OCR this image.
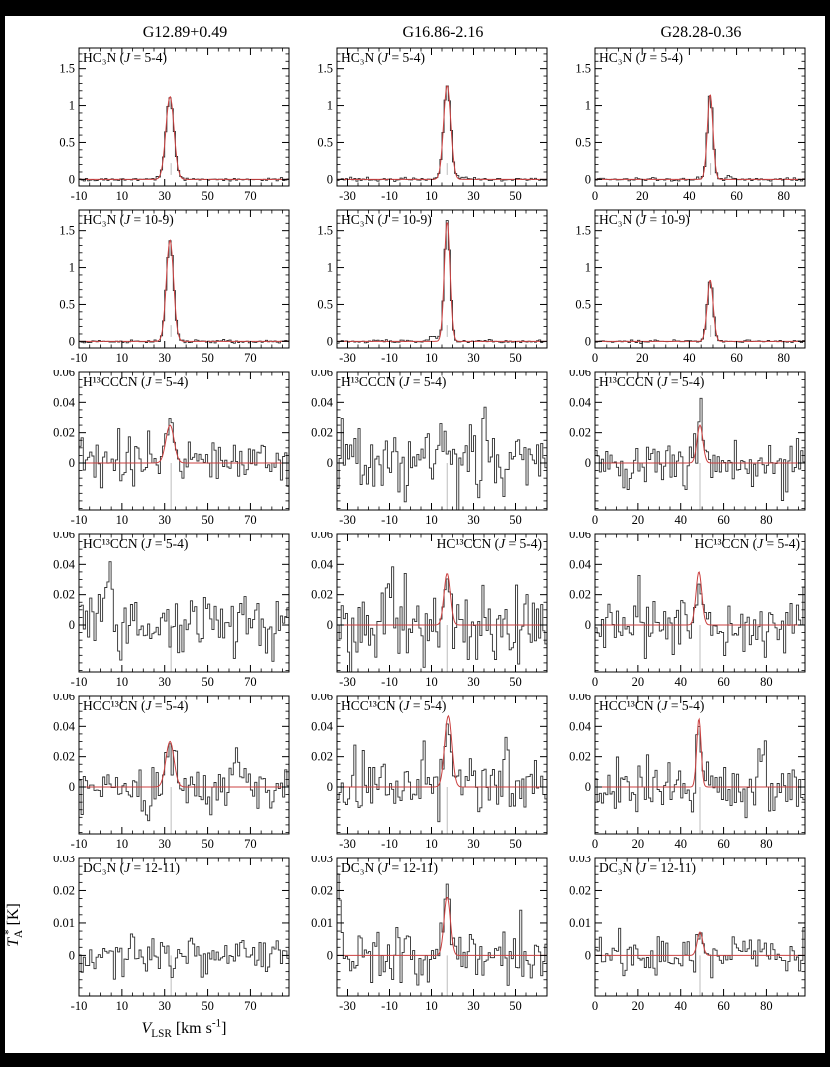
G12.89+0.49	G16.86-2.16	G28.28-0.36
-10 10 30 50 70
0
0.5
1
1.5
HC₃N (J = 5-4)
-30 -10 10 30 50
0
0.5
1
1.5
HC₃N (J = 5-4)
0	20	40	60	80
0
0.5
1
1.5
HC₃N (J = 5-4)
-10 10 30 50 70
0
0.5
1
1.5
HC₃N (J = 10-9)
-30 -10 10 30 50
0
0.5
1
1.5
HC₃N (J = 10-9)
0	20	40	60	80
0
0.5
1
1.5
HC₃N (J = 10-9)
-10 10 30 50 70
0
0.02
0.04
0.06
H¹³CCCN (J = 5-4)
-30 -10 10 30 50
0
0.02
0.04
0.06
H¹³CCCN (J = 5-4)
0	20 40 60 80
0
0.02
0.04
0.06
H¹³CCCN (J = 5-4)
-10 10 30 50 70
0
0.02
0.04
0.06
HC¹³CCN (J = 5-4)
-30 -10 10 30 50
0
0.02
0.04
0.06
HC¹³CCN (J = 5-4)
0	20 40 60 80
0
0.02
0.04
0.06
HC¹³CCN (J = 5-4)
-10 10 30 50 70
0
0.02
0.04
0.06
HCC¹³CN (J = 5-4)
-30 -10 10 30 50
0
0.02
0.04
0.06
HCC¹³CN (J = 5-4)
0	20 40 60 80
0
0.02
0.04
0.06
HCC¹³CN (J = 5-4)
-10 10 30 50 70
0
0.01
0.02
0.03
DC₃N (J = 12-11)
-30 -10 10 30 50
0
0.01
0.02
0.03
DC₃N (J = 12-11)
0	20 40 60 80
0
0.01
0.02
0.03
DC₃N (J = 12-11)
$V_{LSR}$ [km $s^{-1}$]
$T_A^*$ [K]
